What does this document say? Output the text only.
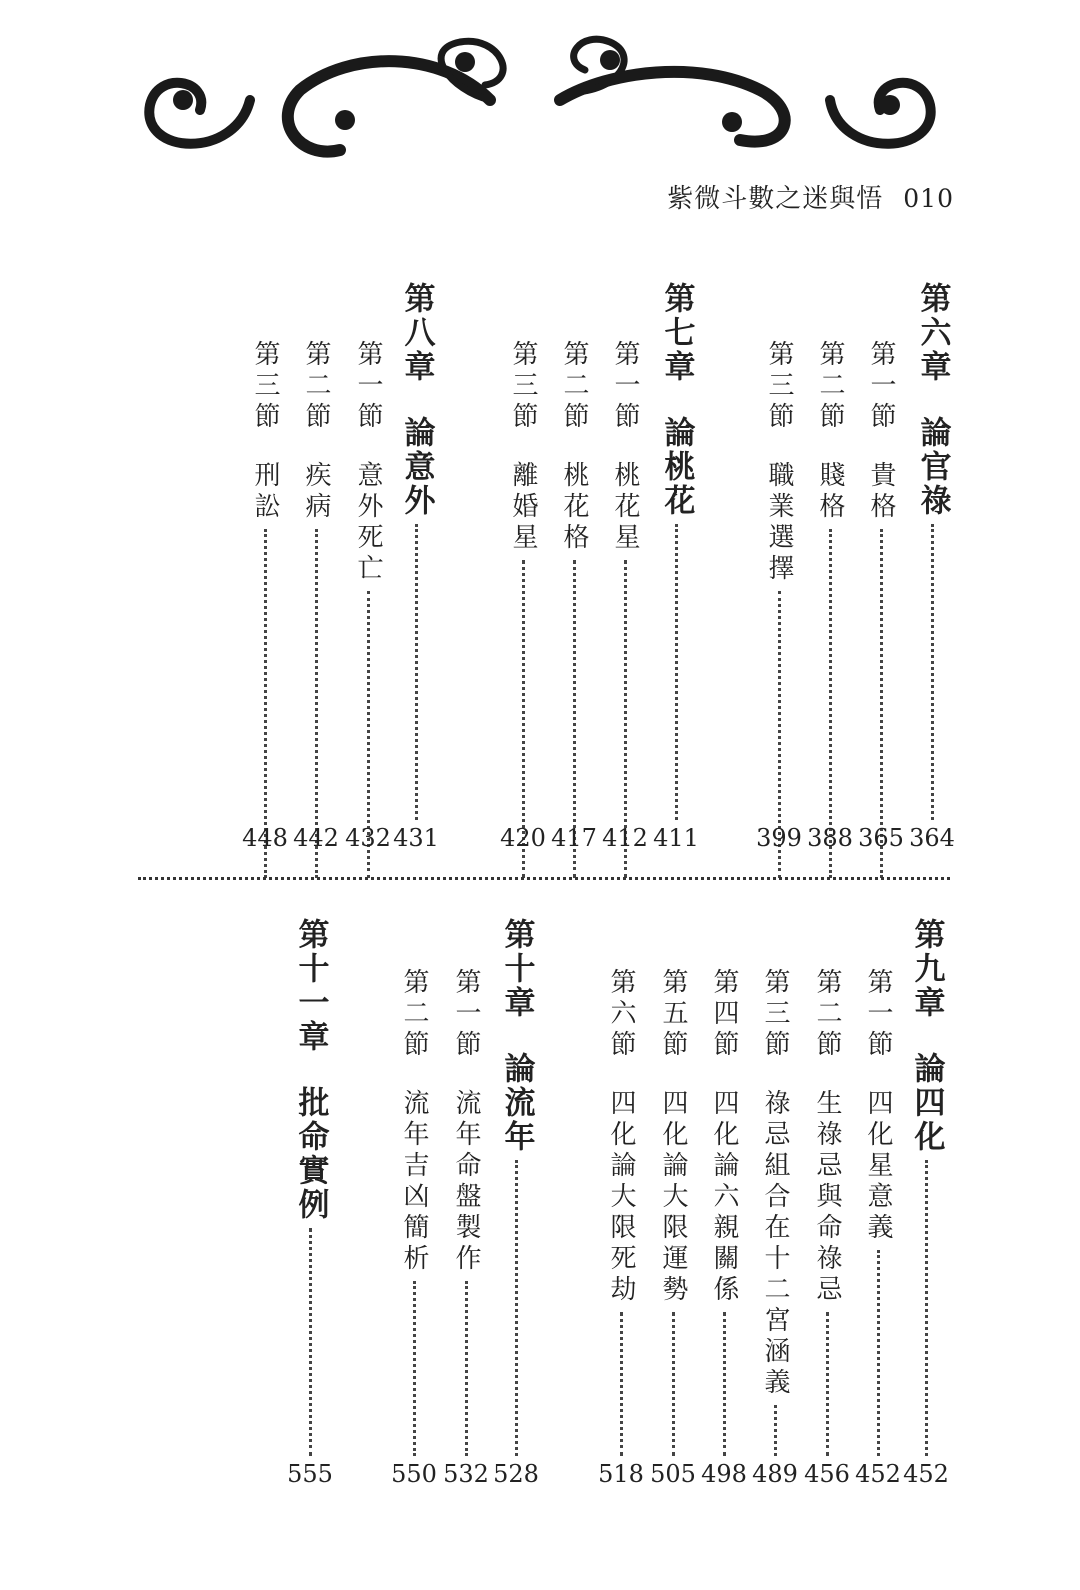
紫微斗數之迷與悟 010
第六章論官祿
364
第一節貴格
365
第二節賤格
388
第三節職業選擇
399
第七章論桃花
411
第一節桃花星
412
第二節桃花格
417
第三節離婚星
420
第八章論意外
431
第一節意外死亡
432
第二節疾病
442
第三節刑訟
448
第九章論四化
452
第一節四化星意義
452
第二節生祿忌與命祿忌
456
第三節祿忌組合在十二宮涵義
489
第四節四化論六親關係
498
第五節四化論大限運勢
505
第六節四化論大限死劫
518
第十章論流年
528
第一節流年命盤製作
532
第二節流年吉凶簡析
550
第十一章批命實例
555
